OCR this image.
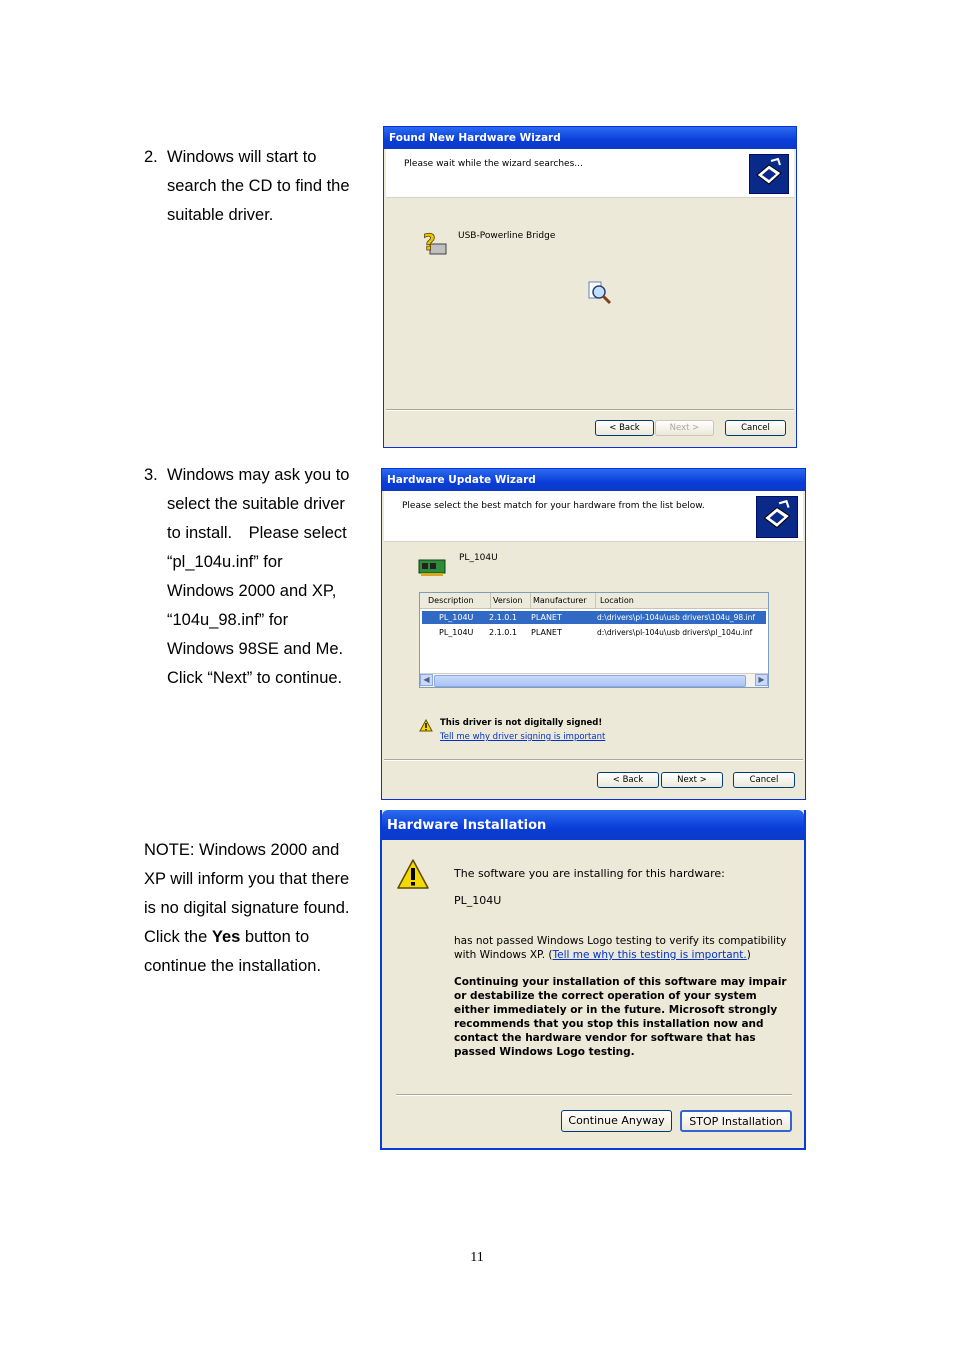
2. Windows will start to
search the CD to find the
suitable driver.
3. Windows may ask you to
select the suitable driver
to install.　Please select
“pl_104u.inf” for
Windows 2000 and XP,
“104u_98.inf” for
Windows 98SE and Me.
Click “Next” to continue.
NOTE: Windows 2000 and
XP will inform you that there
is no digital signature found.
Click the Yes button to
continue the installation.
Found New Hardware Wizard
Please wait while the wizard searches...
? USB-Powerline Bridge
< Back	Next >	Cancel
Hardware Update Wizard
Please select the best match for your hardware from the list below.
PL_104U
Description	Version	Manufacturer	Location
PL_104U	2.1.0.1	PLANET	d:\drivers\pl-104u\usb drivers\104u_98.inf
PL_104U	2.1.0.1	PLANET	d:\drivers\pl-104u\usb drivers\pl_104u.inf
◀	▶
This driver is not digitally signed!
Tell me why driver signing is important
< Back	Next >	Cancel
Hardware Installation
The software you are installing for this hardware:
PL_104U
has not passed Windows Logo testing to verify its compatibility
with Windows XP. (Tell me why this testing is important.)
Continuing your installation of this software may impair
or destabilize the correct operation of your system
either immediately or in the future. Microsoft strongly
recommends that you stop this installation now and
contact the hardware vendor for software that has
passed Windows Logo testing.
Continue Anyway	STOP Installation
11
